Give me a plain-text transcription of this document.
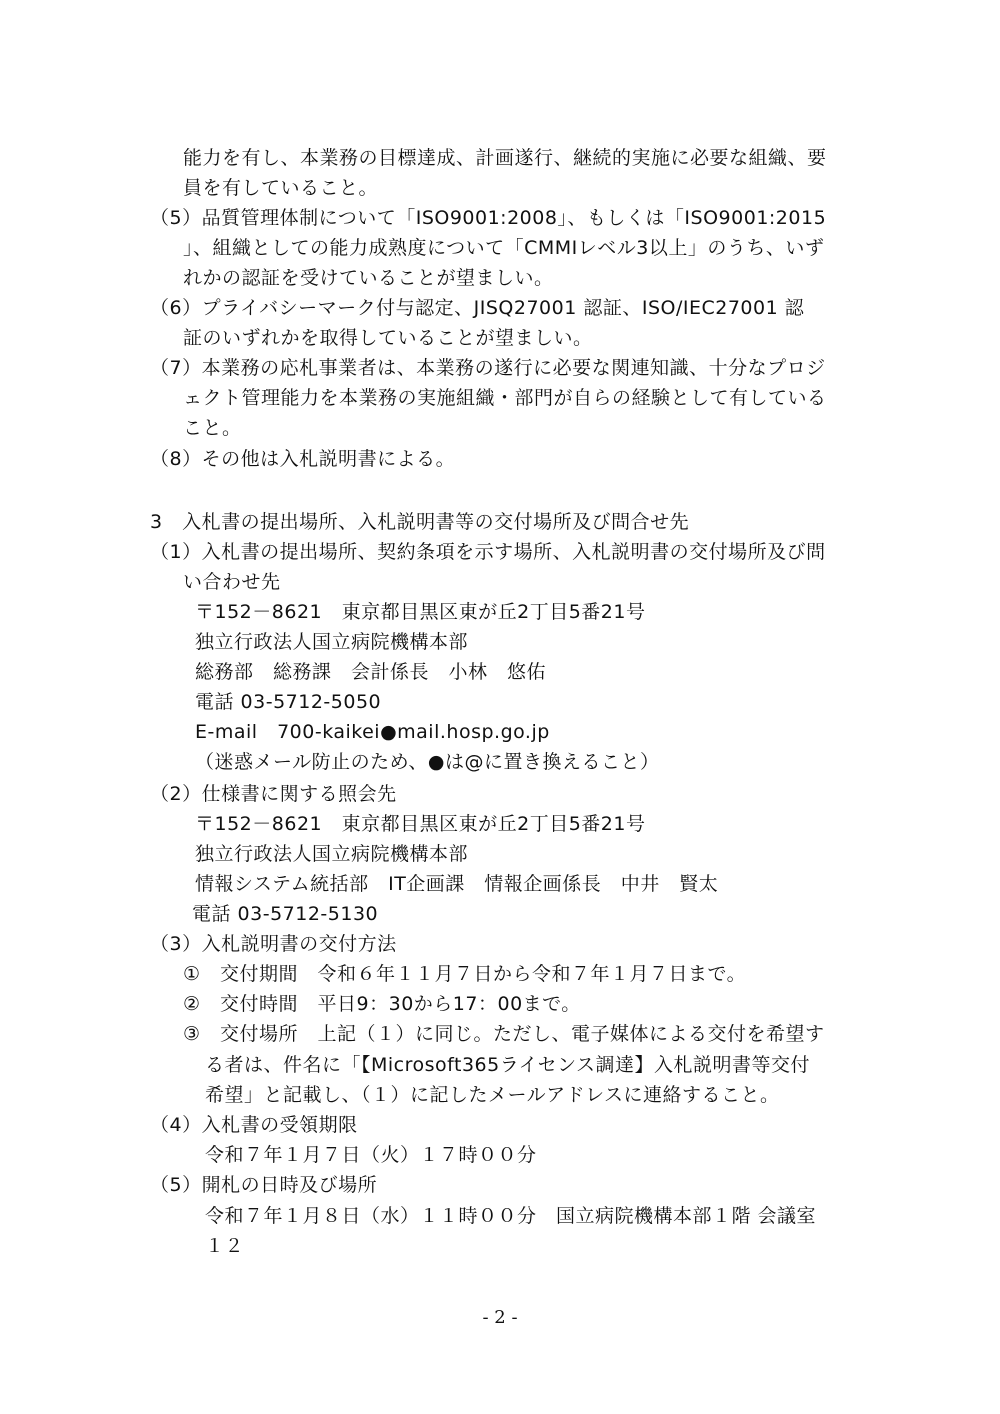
能力を有し、本業務の目標達成、計画遂行、継続的実施に必要な組織、要
員を有していること。
（5）品質管理体制について「ISO9001:2008」、もしくは「ISO9001:2015
」、組織としての能力成熟度について「CMMIレベル3以上」のうち、いず
れかの認証を受けていることが望ましい。
（6）プライバシーマーク付与認定、JISQ27001 認証、ISO/IEC27001 認
証のいずれかを取得していることが望ましい。
（7）本業務の応札事業者は、本業務の遂行に必要な関連知識、十分なプロジ
ェクト管理能力を本業務の実施組織・部門が自らの経験として有している
こと。
（8）その他は入札説明書による。
3　入札書の提出場所、入札説明書等の交付場所及び問合せ先
（1）入札書の提出場所、契約条項を示す場所、入札説明書の交付場所及び問
い合わせ先
〒152－8621　東京都目黒区東が丘2丁目5番21号
独立行政法人国立病院機構本部
総務部　総務課　会計係長　小林　悠佑
電話 03-5712-5050
E-mail　700-kaikei●mail.hosp.go.jp
（迷惑メール防止のため、●は@に置き換えること）
（2）仕様書に関する照会先
〒152－8621　東京都目黒区東が丘2丁目5番21号
独立行政法人国立病院機構本部
情報システム統括部　IT企画課　情報企画係長　中井　賢太
電話 03-5712-5130
（3）入札説明書の交付方法
①　交付期間　令和６年１１月７日から令和７年１月７日まで。
②　交付時間　平日9：30から17：00まで。
③　交付場所　上記（１）に同じ。ただし、電子媒体による交付を希望す
る者は、件名に「【Microsoft365ライセンス調達】入札説明書等交付
希望」と記載し、（１）に記したメールアドレスに連絡すること。
（4）入札書の受領期限
令和７年１月７日（火）１７時００分
（5）開札の日時及び場所
令和７年１月８日（水）１１時００分　国立病院機構本部１階 会議室
１２
- 2 -
